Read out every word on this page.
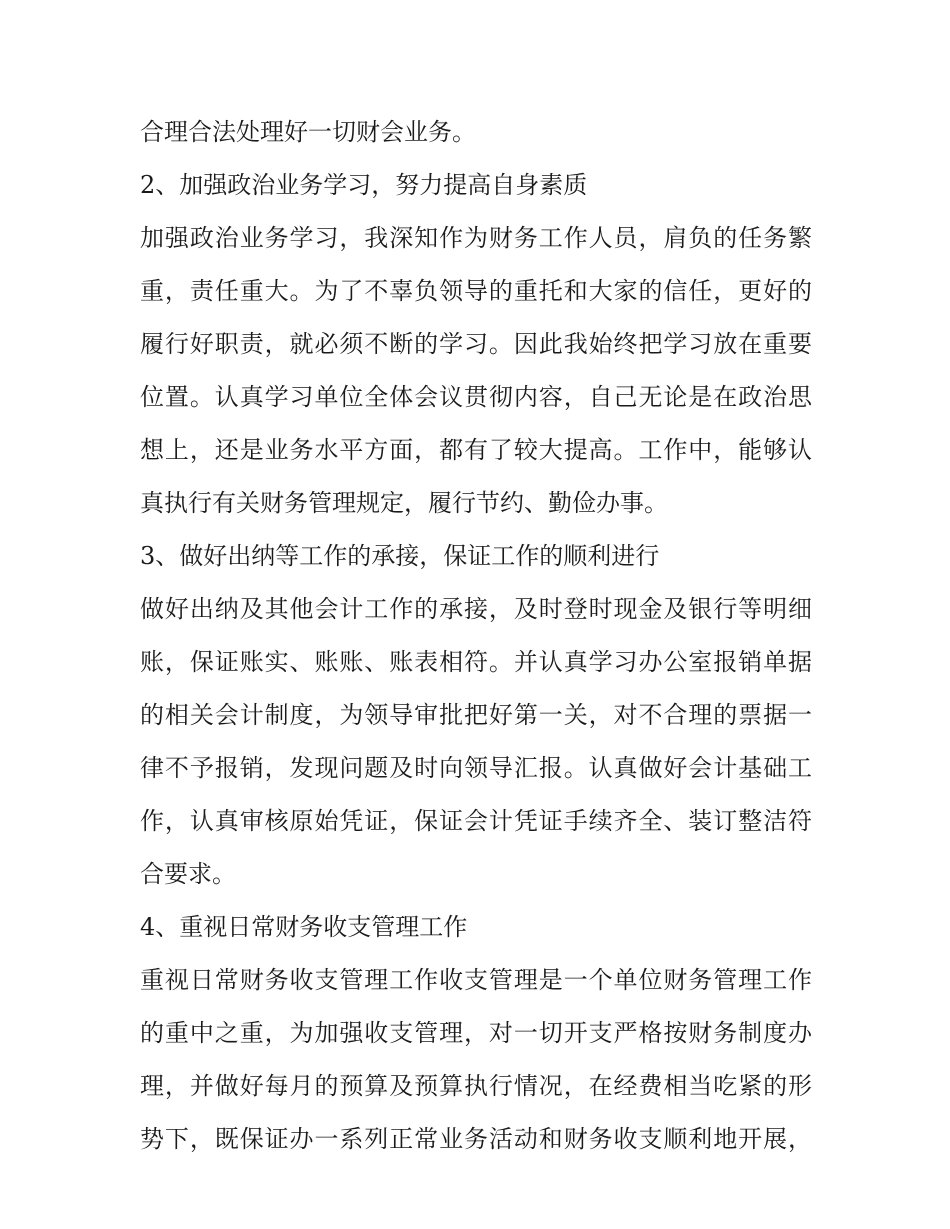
合理合法处理好一切财会业务。
2、加强政治业务学习，努力提高自身素质
加强政治业务学习，我深知作为财务工作人员，肩负的任务繁
重，责任重大。为了不辜负领导的重托和大家的信任，更好的
履行好职责，就必须不断的学习。因此我始终把学习放在重要
位置。认真学习单位全体会议贯彻内容，自己无论是在政治思
想上，还是业务水平方面，都有了较大提高。工作中，能够认
真执行有关财务管理规定，履行节约、勤俭办事。
3、做好出纳等工作的承接，保证工作的顺利进行
做好出纳及其他会计工作的承接，及时登时现金及银行等明细
账，保证账实、账账、账表相符。并认真学习办公室报销单据
的相关会计制度，为领导审批把好第一关，对不合理的票据一
律不予报销，发现问题及时向领导汇报。认真做好会计基础工
作，认真审核原始凭证，保证会计凭证手续齐全、装订整洁符
合要求。
4、重视日常财务收支管理工作
重视日常财务收支管理工作收支管理是一个单位财务管理工作
的重中之重，为加强收支管理，对一切开支严格按财务制度办
理，并做好每月的预算及预算执行情况，在经费相当吃紧的形
势下，既保证办一系列正常业务活动和财务收支顺利地开展，
